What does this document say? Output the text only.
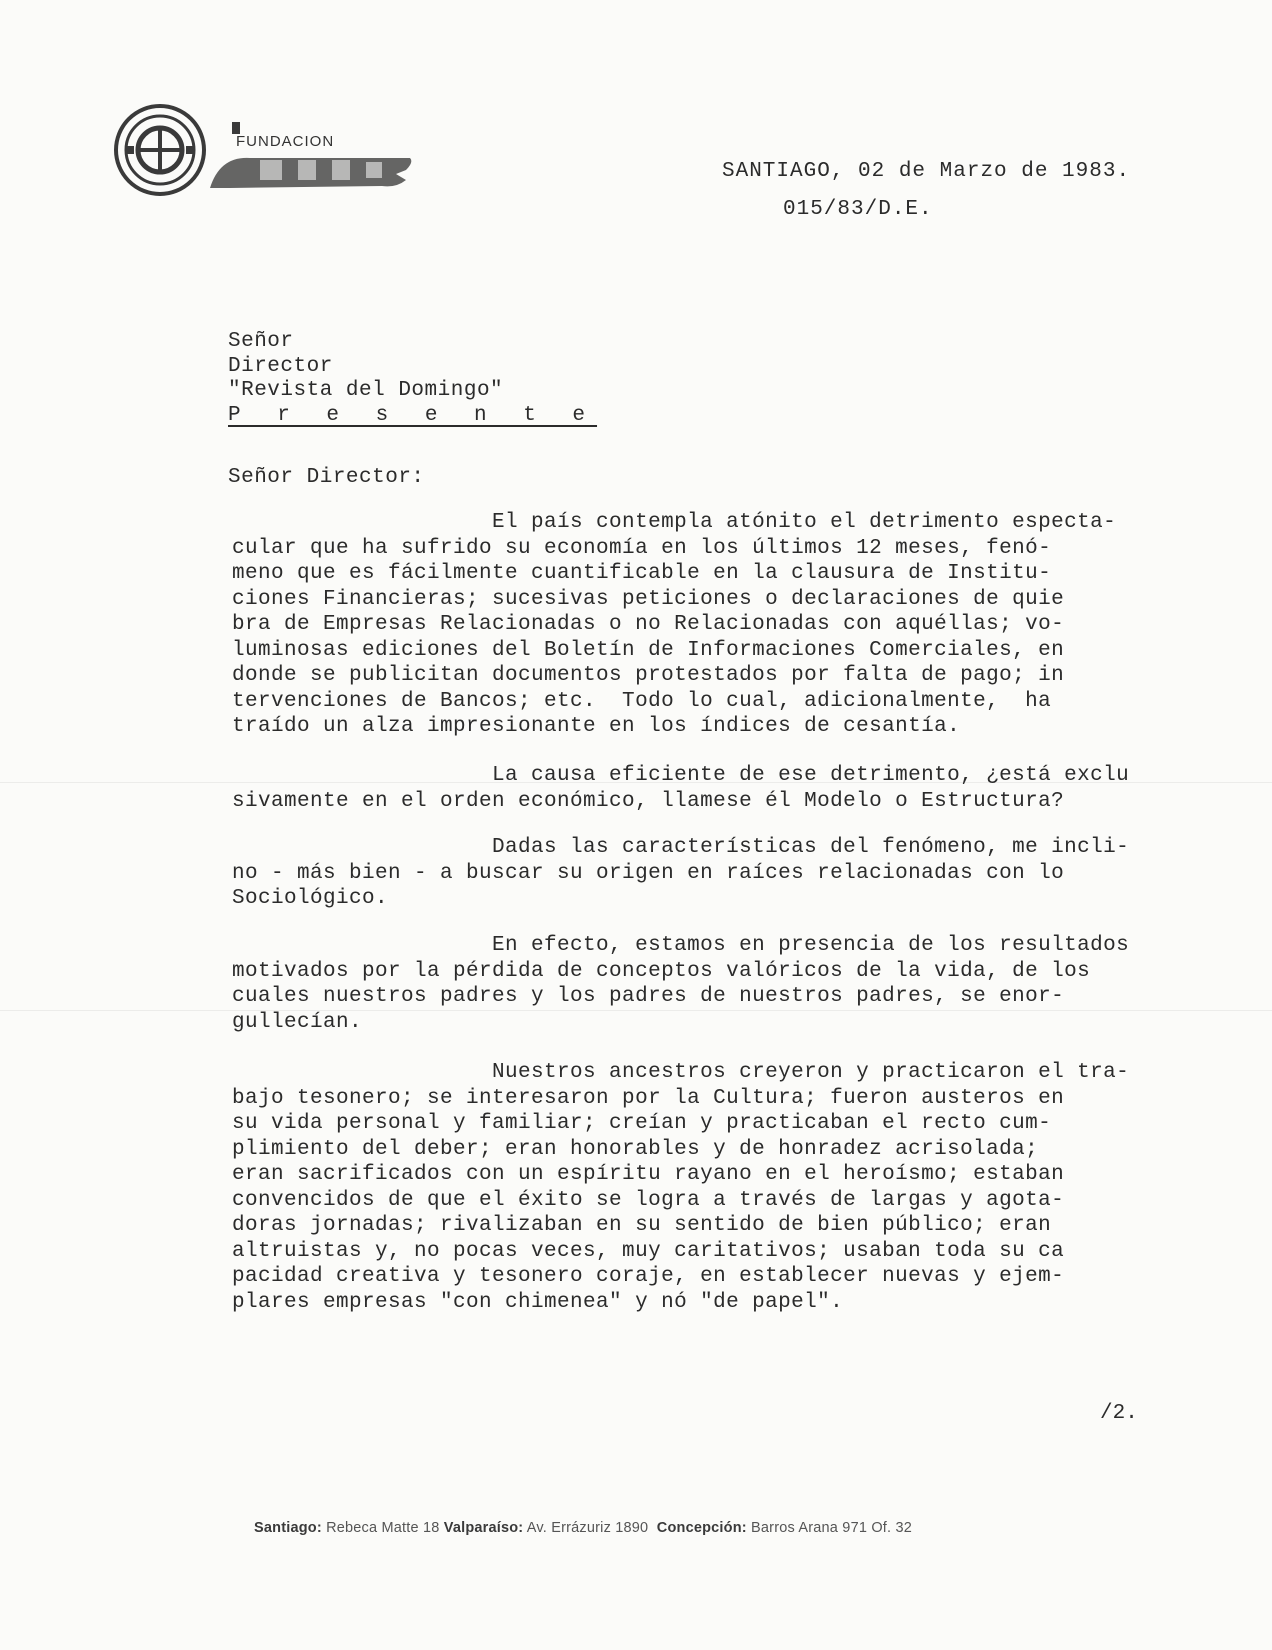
FUNDACION
SANTIAGO, 02 de Marzo de 1983.
015/83/D.E.
Señor
Director
"Revista del Domingo"
P r e s e n t e
Señor Director:
El país contempla atónito el detrimento especta-
cular que ha sufrido su economía en los últimos 12 meses, fenó-
meno que es fácilmente cuantificable en la clausura de Institu-
ciones Financieras; sucesivas peticiones o declaraciones de quie
bra de Empresas Relacionadas o no Relacionadas con aquéllas; vo-
luminosas ediciones del Boletín de Informaciones Comerciales, en
donde se publicitan documentos protestados por falta de pago; in
tervenciones de Bancos; etc.  Todo lo cual, adicionalmente,  ha
traído un alza impresionante en los índices de cesantía.
La causa eficiente de ese detrimento, ¿está exclu
sivamente en el orden económico, llamese él Modelo o Estructura?
Dadas las características del fenómeno, me incli-
no - más bien - a buscar su origen en raíces relacionadas con lo
Sociológico.
En efecto, estamos en presencia de los resultados
motivados por la pérdida de conceptos valóricos de la vida, de los
cuales nuestros padres y los padres de nuestros padres, se enor-
gullecían.
Nuestros ancestros creyeron y practicaron el tra-
bajo tesonero; se interesaron por la Cultura; fueron austeros en
su vida personal y familiar; creían y practicaban el recto cum-
plimiento del deber; eran honorables y de honradez acrisolada;
eran sacrificados con un espíritu rayano en el heroísmo; estaban
convencidos de que el éxito se logra a través de largas y agota-
doras jornadas; rivalizaban en su sentido de bien público; eran
altruistas y, no pocas veces, muy caritativos; usaban toda su ca
pacidad creativa y tesonero coraje, en establecer nuevas y ejem-
plares empresas "con chimenea" y nó "de papel".
/2.
Santiago: Rebeca Matte 18 Valparaíso: Av. Errázuriz 1890 Concepción: Barros Arana 971 Of. 32
